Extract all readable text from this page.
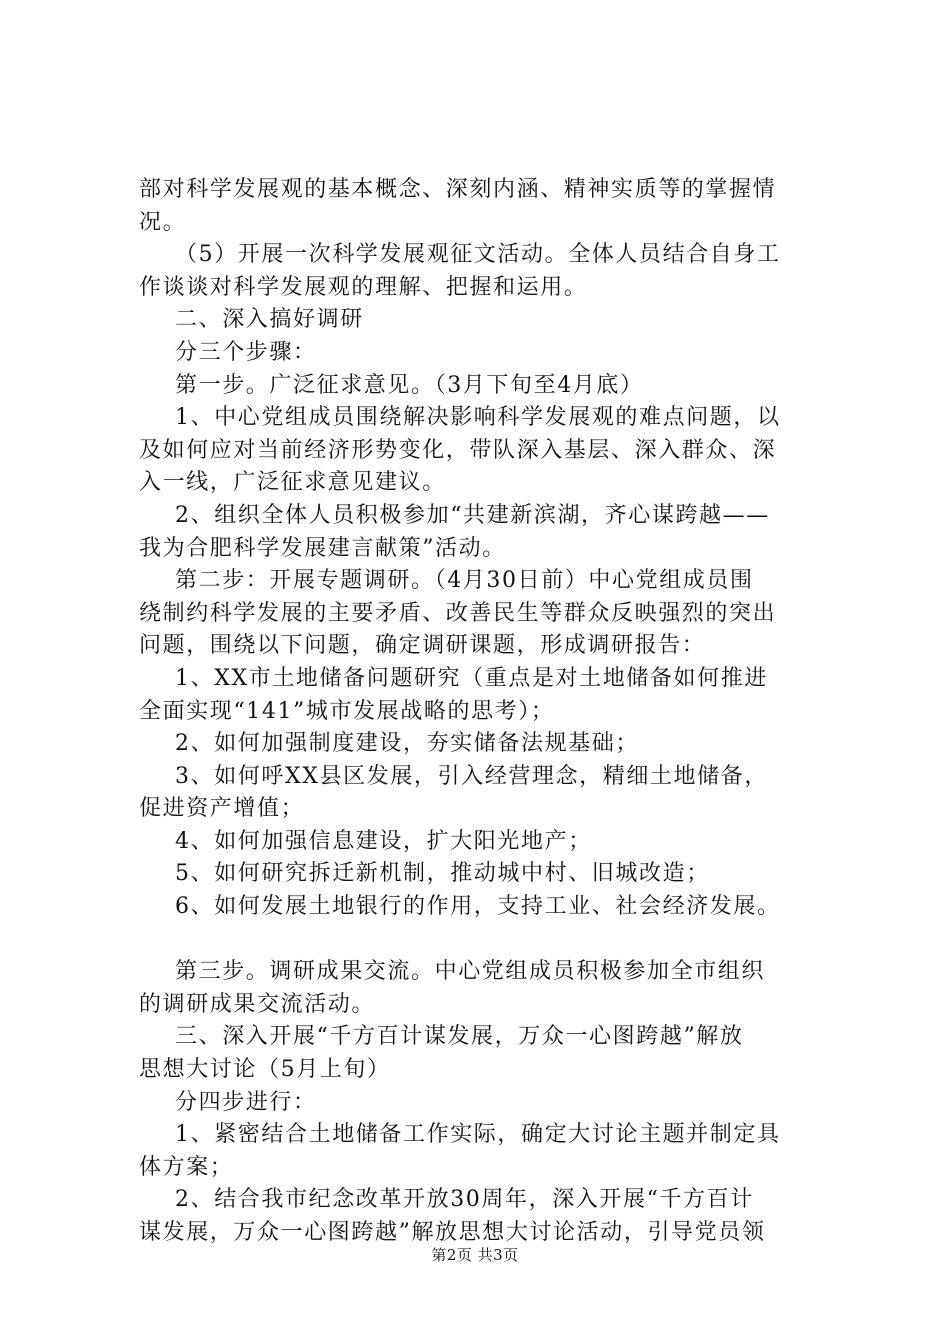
部对科学发展观的基本概念、深刻内涵、精神实质等的掌握情

况。

（5）开展一次科学发展观征文活动。全体人员结合自身工

作谈谈对科学发展观的理解、把握和运用。

二、深入搞好调研

分三个步骤：

第一步。广泛征求意见。（3月下旬至4月底）

1、中心党组成员围绕解决影响科学发展观的难点问题，以

及如何应对当前经济形势变化，带队深入基层、深入群众、深

入一线，广泛征求意见建议。

2、组织全体人员积极参加“共建新滨湖，齐心谋跨越——

我为合肥科学发展建言献策”活动。

第二步：开展专题调研。（4月30日前）中心党组成员围

绕制约科学发展的主要矛盾、改善民生等群众反映强烈的突出

问题，围绕以下问题，确定调研课题，形成调研报告：

1、XX市土地储备问题研究（重点是对土地储备如何推进

全面实现“141”城市发展战略的思考）；

2、如何加强制度建设，夯实储备法规基础；

3、如何呼XX县区发展，引入经营理念，精细土地储备，

促进资产增值；

4、如何加强信息建设，扩大阳光地产；

5、如何研究拆迁新机制，推动城中村、旧城改造；

6、如何发展土地银行的作用，支持工业、社会经济发展。

第三步。调研成果交流。中心党组成员积极参加全市组织

的调研成果交流活动。

三、深入开展“千方百计谋发展，万众一心图跨越”解放

思想大讨论（5月上旬）

分四步进行：

1、紧密结合土地储备工作实际，确定大讨论主题并制定具

体方案；

2、结合我市纪念改革开放30周年，深入开展“千方百计

谋发展，万众一心图跨越”解放思想大讨论活动，引导党员领

第2页 共3页
